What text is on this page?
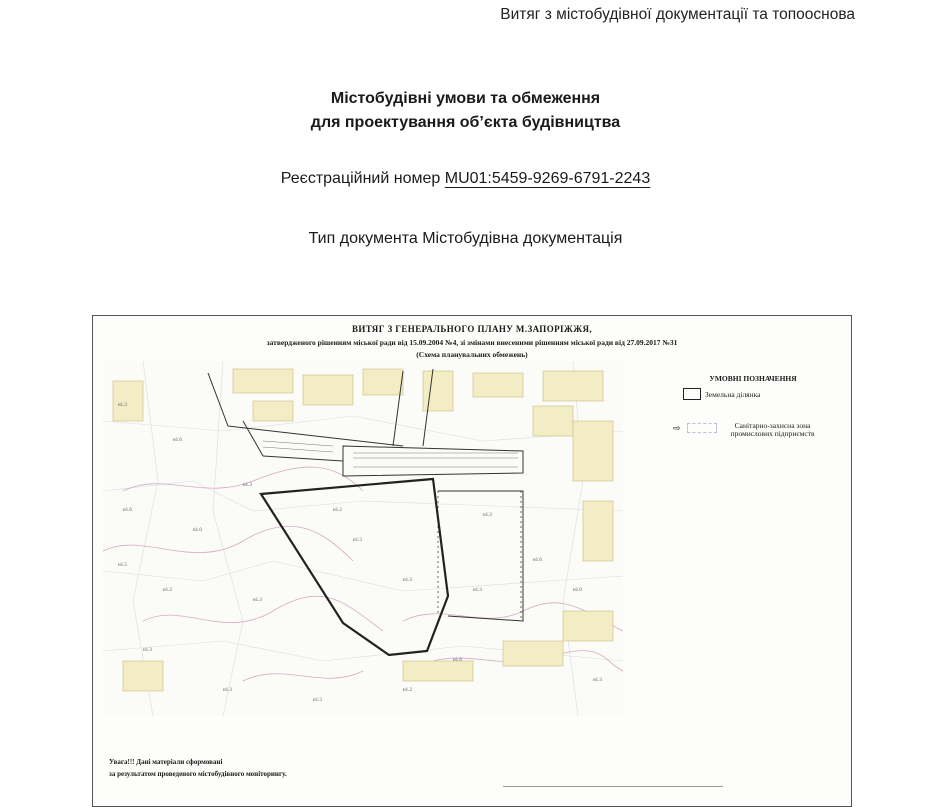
Витяг з містобудівної документації та топооснова
Містобудівні умови та обмеження
для проектування об’єкта будівництва
Реєстраційний номер MU01:5459-9269-6791-2243
Тип документа Містобудівна документація
ВИТЯГ З ГЕНЕРАЛЬНОГО ПЛАНУ М.ЗАПОРІЖЖЯ,
затвердженого рішенням міської ради від 15.09.2004 №4, зі змінами внесеними рішенням міської ради від 27.09.2017 №31
(Схема планувальних обмежень)
н1.3
н1.6
н1.3
н1.6
н1.0
н1.5
н1.2
н1.3
н1.3
н1.3
н1.3
н1.2
н1.3
н1.6
н1.3
н1.3
н1.3
н1.2
н1.0
н1.3
н1.6
УМОВНІ ПОЗНАЧЕННЯ
Земельна ділянка
⇨	Санітарно-захисна зона промислових підприємств
Увага!!! Дані матеріали сформовані
за результатом проведеного містобудівного моніторингу.
